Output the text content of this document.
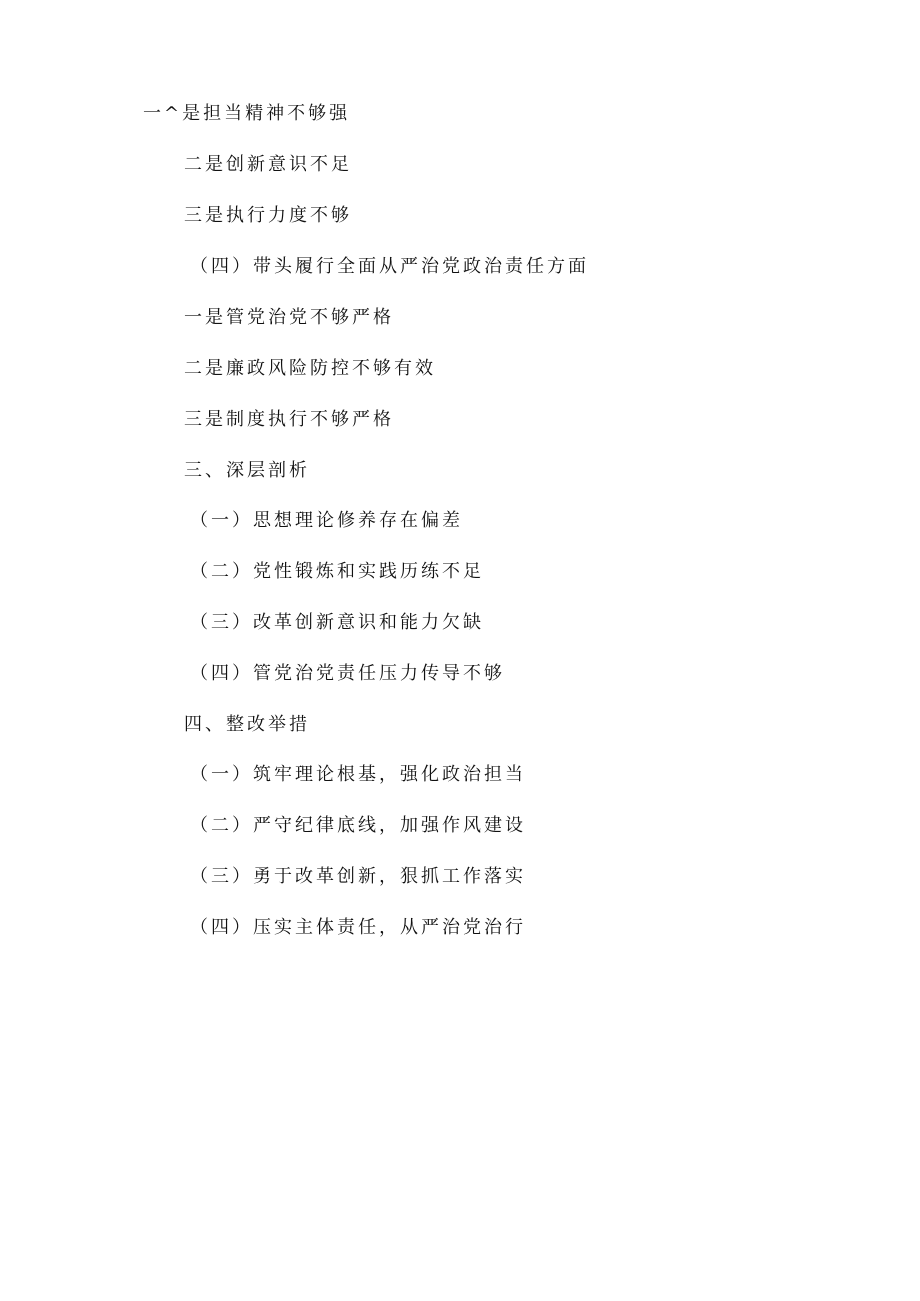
一^是担当精神不够强
二是创新意识不足
三是执行力度不够
（四）带头履行全面从严治党政治责任方面
一是管党治党不够严格
二是廉政风险防控不够有效
三是制度执行不够严格
三、深层剖析
（一）思想理论修养存在偏差
（二）党性锻炼和实践历练不足
（三）改革创新意识和能力欠缺
（四）管党治党责任压力传导不够
四、整改举措
（一）筑牢理论根基，强化政治担当
（二）严守纪律底线，加强作风建设
（三）勇于改革创新，狠抓工作落实
（四）压实主体责任，从严治党治行
